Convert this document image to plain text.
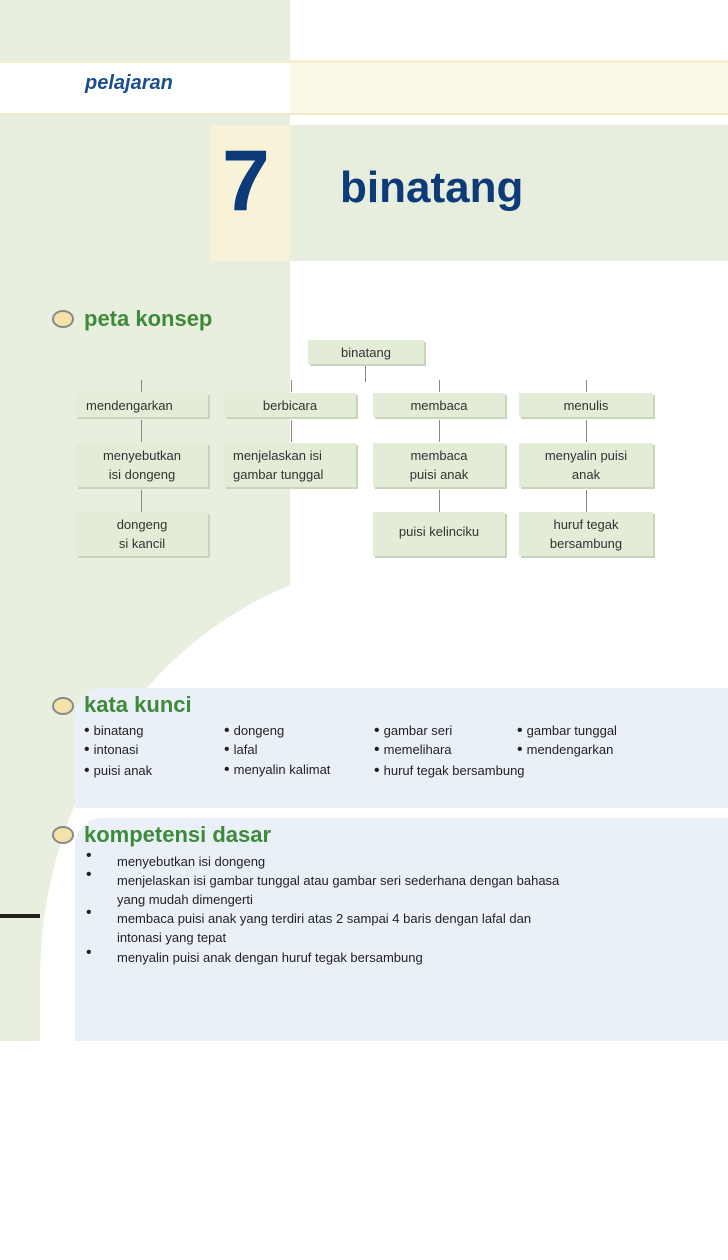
pelajaran
7 binatang
peta konsep
binatang
mendengarkan
menyebutkan
isi dongeng
dongeng
si kancil
berbicara
menjelaskan isi
gambar tunggal
membaca
membaca
puisi anak
puisi kelinciku
menulis
menyalin puisi
anak
huruf tegak
bersambung
kata kunci
• binatang
• intonasi
• puisi anak
• dongeng
• lafal
• menyalin kalimat
• gambar seri
• memelihara
• huruf tegak bersambung
• gambar tunggal
• mendengarkan
kompetensi dasar
• menyebutkan isi dongeng
• menjelaskan isi gambar tunggal atau gambar seri sederhana dengan bahasa
yang mudah dimengerti
• membaca puisi anak yang terdiri atas 2 sampai 4 baris dengan lafal dan
intonasi yang tepat
• menyalin puisi anak dengan huruf tegak bersambung
